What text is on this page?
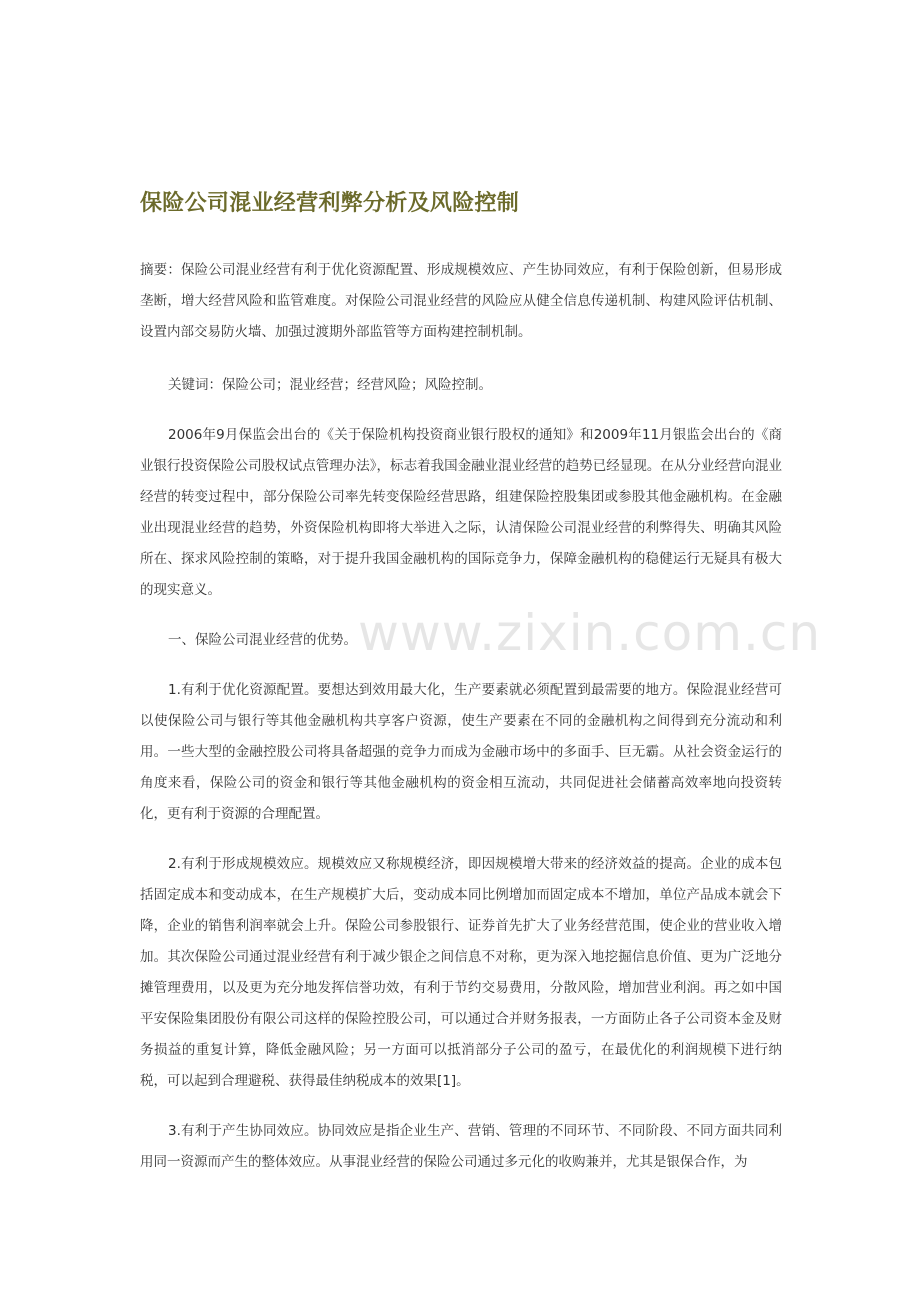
保险公司混业经营利弊分析及风险控制

摘要：保险公司混业经营有利于优化资源配置、形成规模效应、产生协同效应，有利于保险创新，但易形成垄断，增大经营风险和监管难度。对保险公司混业经营的风险应从健全信息传递机制、构建风险评估机制、设置内部交易防火墙、加强过渡期外部监管等方面构建控制机制。

关键词：保险公司；混业经营；经营风险；风险控制。

2006年9月保监会出台的《关于保险机构投资商业银行股权的通知》和2009年11月银监会出台的《商业银行投资保险公司股权试点管理办法》，标志着我国金融业混业经营的趋势已经显现。在从分业经营向混业经营的转变过程中，部分保险公司率先转变保险经营思路，组建保险控股集团或参股其他金融机构。在金融业出现混业经营的趋势，外资保险机构即将大举进入之际，认清保险公司混业经营的利弊得失、明确其风险所在、探求风险控制的策略，对于提升我国金融机构的国际竞争力，保障金融机构的稳健运行无疑具有极大的现实意义。

一、保险公司混业经营的优势。

1.有利于优化资源配置。要想达到效用最大化，生产要素就必须配置到最需要的地方。保险混业经营可以使保险公司与银行等其他金融机构共享客户资源，使生产要素在不同的金融机构之间得到充分流动和利用。一些大型的金融控股公司将具备超强的竞争力而成为金融市场中的多面手、巨无霸。从社会资金运行的角度来看，保险公司的资金和银行等其他金融机构的资金相互流动，共同促进社会储蓄高效率地向投资转化，更有利于资源的合理配置。

2.有利于形成规模效应。规模效应又称规模经济，即因规模增大带来的经济效益的提高。企业的成本包括固定成本和变动成本，在生产规模扩大后，变动成本同比例增加而固定成本不增加，单位产品成本就会下降，企业的销售利润率就会上升。保险公司参股银行、证券首先扩大了业务经营范围，使企业的营业收入增加。其次保险公司通过混业经营有利于减少银企之间信息不对称，更为深入地挖掘信息价值、更为广泛地分摊管理费用，以及更为充分地发挥信誉功效，有利于节约交易费用，分散风险，增加营业利润。再之如中国平安保险集团股份有限公司这样的保险控股公司，可以通过合并财务报表，一方面防止各子公司资本金及财务损益的重复计算，降低金融风险；另一方面可以抵消部分子公司的盈亏，在最优化的利润规模下进行纳税，可以起到合理避税、获得最佳纳税成本的效果[1]。

3.有利于产生协同效应。协同效应是指企业生产、营销、管理的不同环节、不同阶段、不同方面共同利用同一资源而产生的整体效应。从事混业经营的保险公司通过多元化的收购兼并，尤其是银保合作，为

www.zixin.com.cn
